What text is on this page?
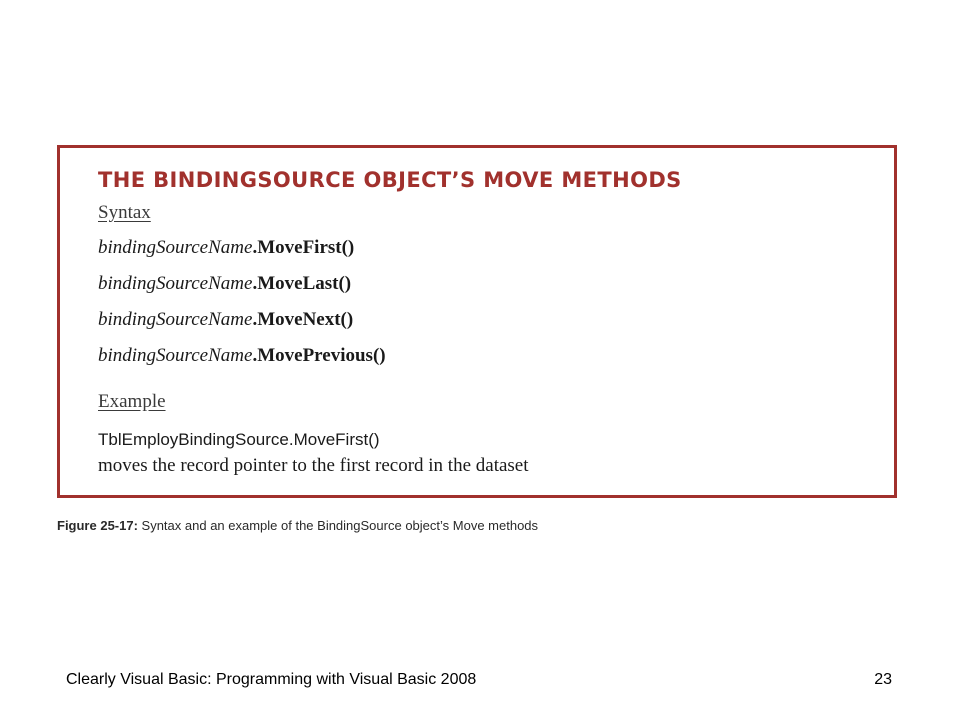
THE BINDINGSOURCE OBJECT’S MOVE METHODS
Syntax
bindingSourceName.MoveFirst()
bindingSourceName.MoveLast()
bindingSourceName.MoveNext()
bindingSourceName.MovePrevious()
Example
TblEmployBindingSource.MoveFirst()
moves the record pointer to the first record in the dataset
Figure 25-17: Syntax and an example of the BindingSource object’s Move methods
Clearly Visual Basic: Programming with Visual Basic 2008	23
